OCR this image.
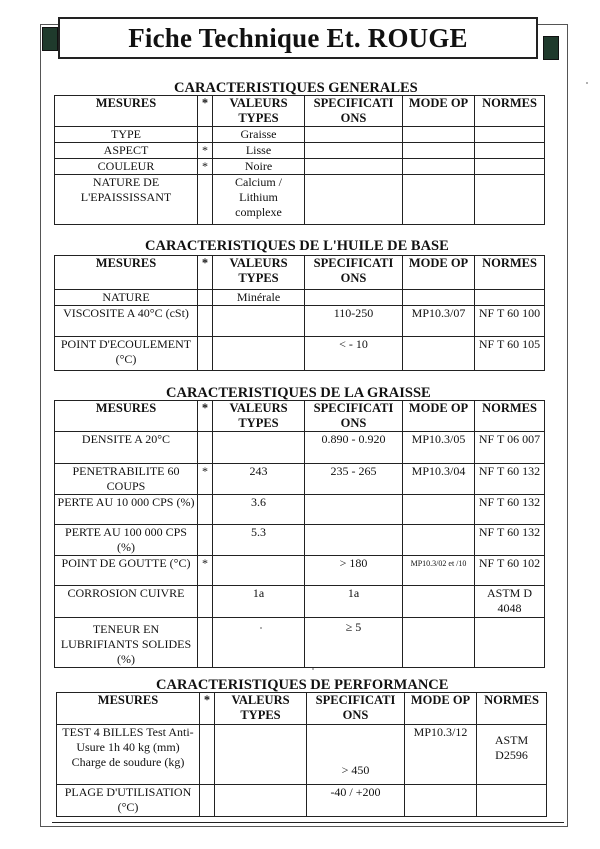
Fiche Technique Et. ROUGE
CARACTERISTIQUES GENERALES
MESURES	*	VALEURS TYPES	SPECIFICATI ONS	MODE OP	NORMES
TYPE		Graisse			
ASPECT	*	Lisse			
COULEUR	*	Noire			
NATURE DE L'EPAISSISSANT		Calcium / Lithium complexe			
CARACTERISTIQUES DE L'HUILE DE BASE
MESURES	*	VALEURS TYPES	SPECIFICATI ONS	MODE OP	NORMES
NATURE		Minérale			
VISCOSITE A 40°C (cSt)			110-250	MP10.3/07	NF T 60 100
POINT D'ECOULEMENT (°C)			< - 10		NF T 60 105
CARACTERISTIQUES DE LA GRAISSE
MESURES	*	VALEURS TYPES	SPECIFICATI ONS	MODE OP	NORMES
DENSITE A 20°C			0.890 - 0.920	MP10.3/05	NF T 06 007
PENETRABILITE 60 COUPS	*	243	235 - 265	MP10.3/04	NF T 60 132
PERTE AU 10 000 CPS (%)		3.6			NF T 60 132
PERTE AU 100 000 CPS (%)		5.3			NF T 60 132
POINT DE GOUTTE (°C)	*		> 180	MP10.3/02 et /10	NF T 60 102
CORROSION CUIVRE		1a	1a		ASTM D 4048
TENEUR EN LUBRIFIANTS SOLIDES (%)			≥ 5		
CARACTERISTIQUES DE PERFORMANCE
MESURES	*	VALEURS TYPES	SPECIFICATI ONS	MODE OP	NORMES
TEST 4 BILLES Test Anti-Usure 1h 40 kg (mm) Charge de soudure (kg)			> 450	MP10.3/12	ASTM D2596
PLAGE D'UTILISATION (°C)			-40 / +200		
